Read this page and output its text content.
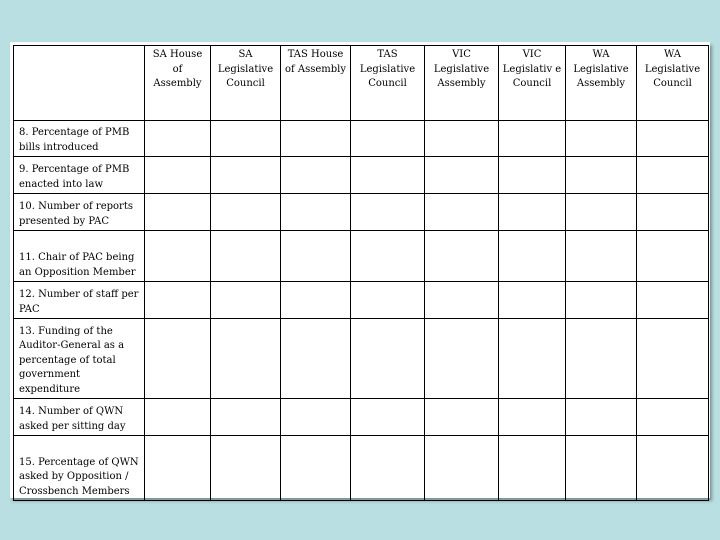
	SA House of Assembly	SA Legislative Council	TAS House of Assembly	TAS Legislative Council	VIC Legislative Assembly	VIC Legislativ e Council	WA Legislative Assembly	WA Legislative Council
8. Percentage of PMB bills introduced								
9. Percentage of PMB enacted into law								
10. Number of reports presented by PAC								
11. Chair of PAC being an Opposition Member								
12. Number of staff per PAC								
13. Funding of the Auditor-General as a percentage of total government expenditure								
14. Number of QWN asked per sitting day								
15. Percentage of QWN asked by Opposition / Crossbench Members								
